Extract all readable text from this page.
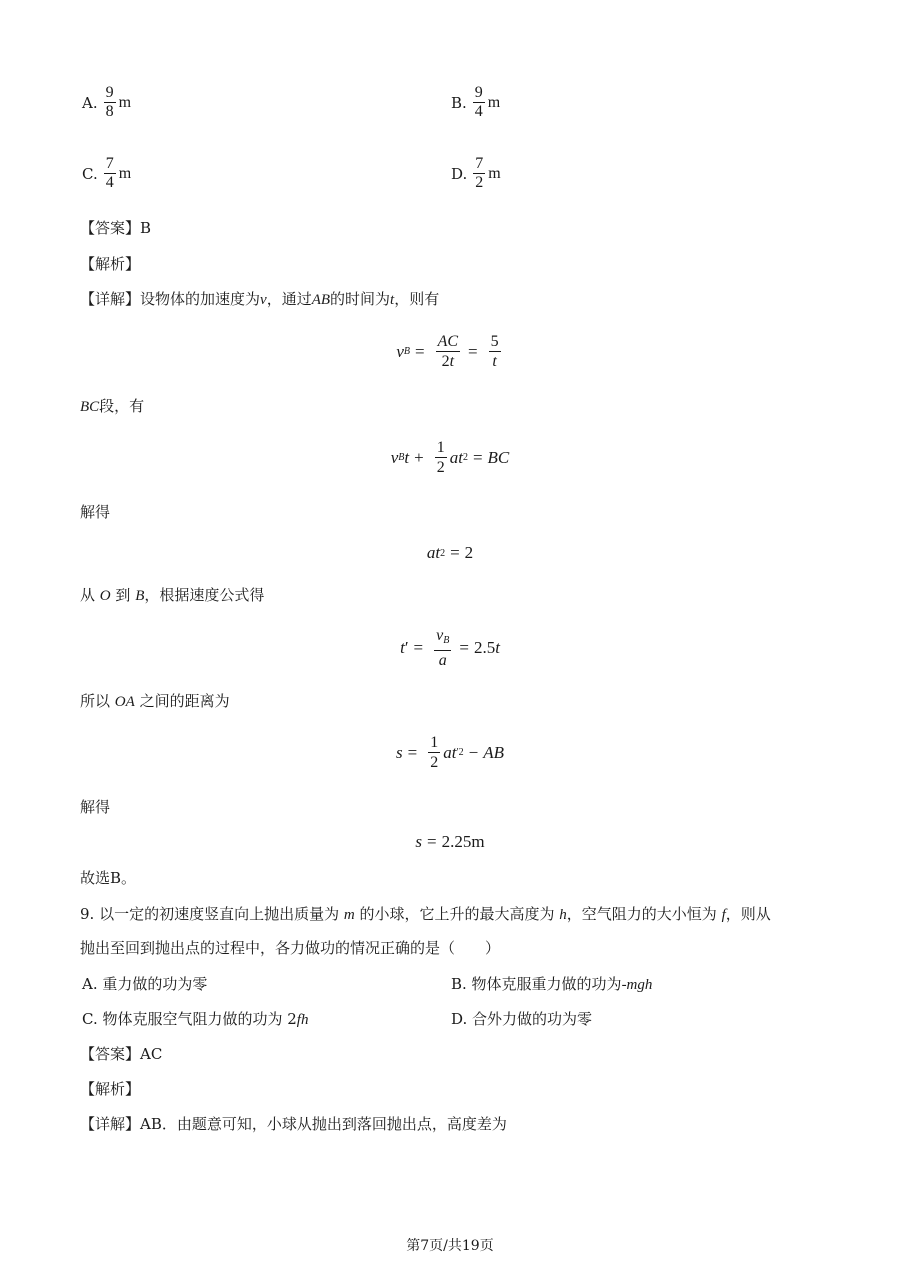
A. $\frac{9}{8}$ m	B. $\frac{9}{4}$ m
C. $\frac{7}{4}$ m	D. $\frac{7}{2}$ m
【答案】B
【解析】
【详解】设物体的加速度为v，通过AB的时间为t，则有
v $B = \frac{AC}{2t} = \frac{5}{t}$
BC段，有
v B $t + \frac{1}{2}$ at 2 = BC
解得
at 2 = 2
从 O 到 B，根据速度公式得
t ′ = $\frac{v_B}{a} = 2.5$ t
所以 OA 之间的距离为
$s = \frac{1}{2}$ at ′2 − AB
解得
s = 2.25m
故选B。
9. 以一定的初速度竖直向上抛出质量为 m 的小球，它上升的最大高度为 h，空气阻力的大小恒为 f，则从
抛出至回到抛出点的过程中，各力做功的情况正确的是（　　）
A. 重力做的功为零	B. 物体克服重力做的功为-mgh
C. 物体克服空气阻力做的功为 2fh	D. 合外力做的功为零
【答案】AC
【解析】
【详解】AB．由题意可知，小球从抛出到落回抛出点，高度差为
第7页/共19页
